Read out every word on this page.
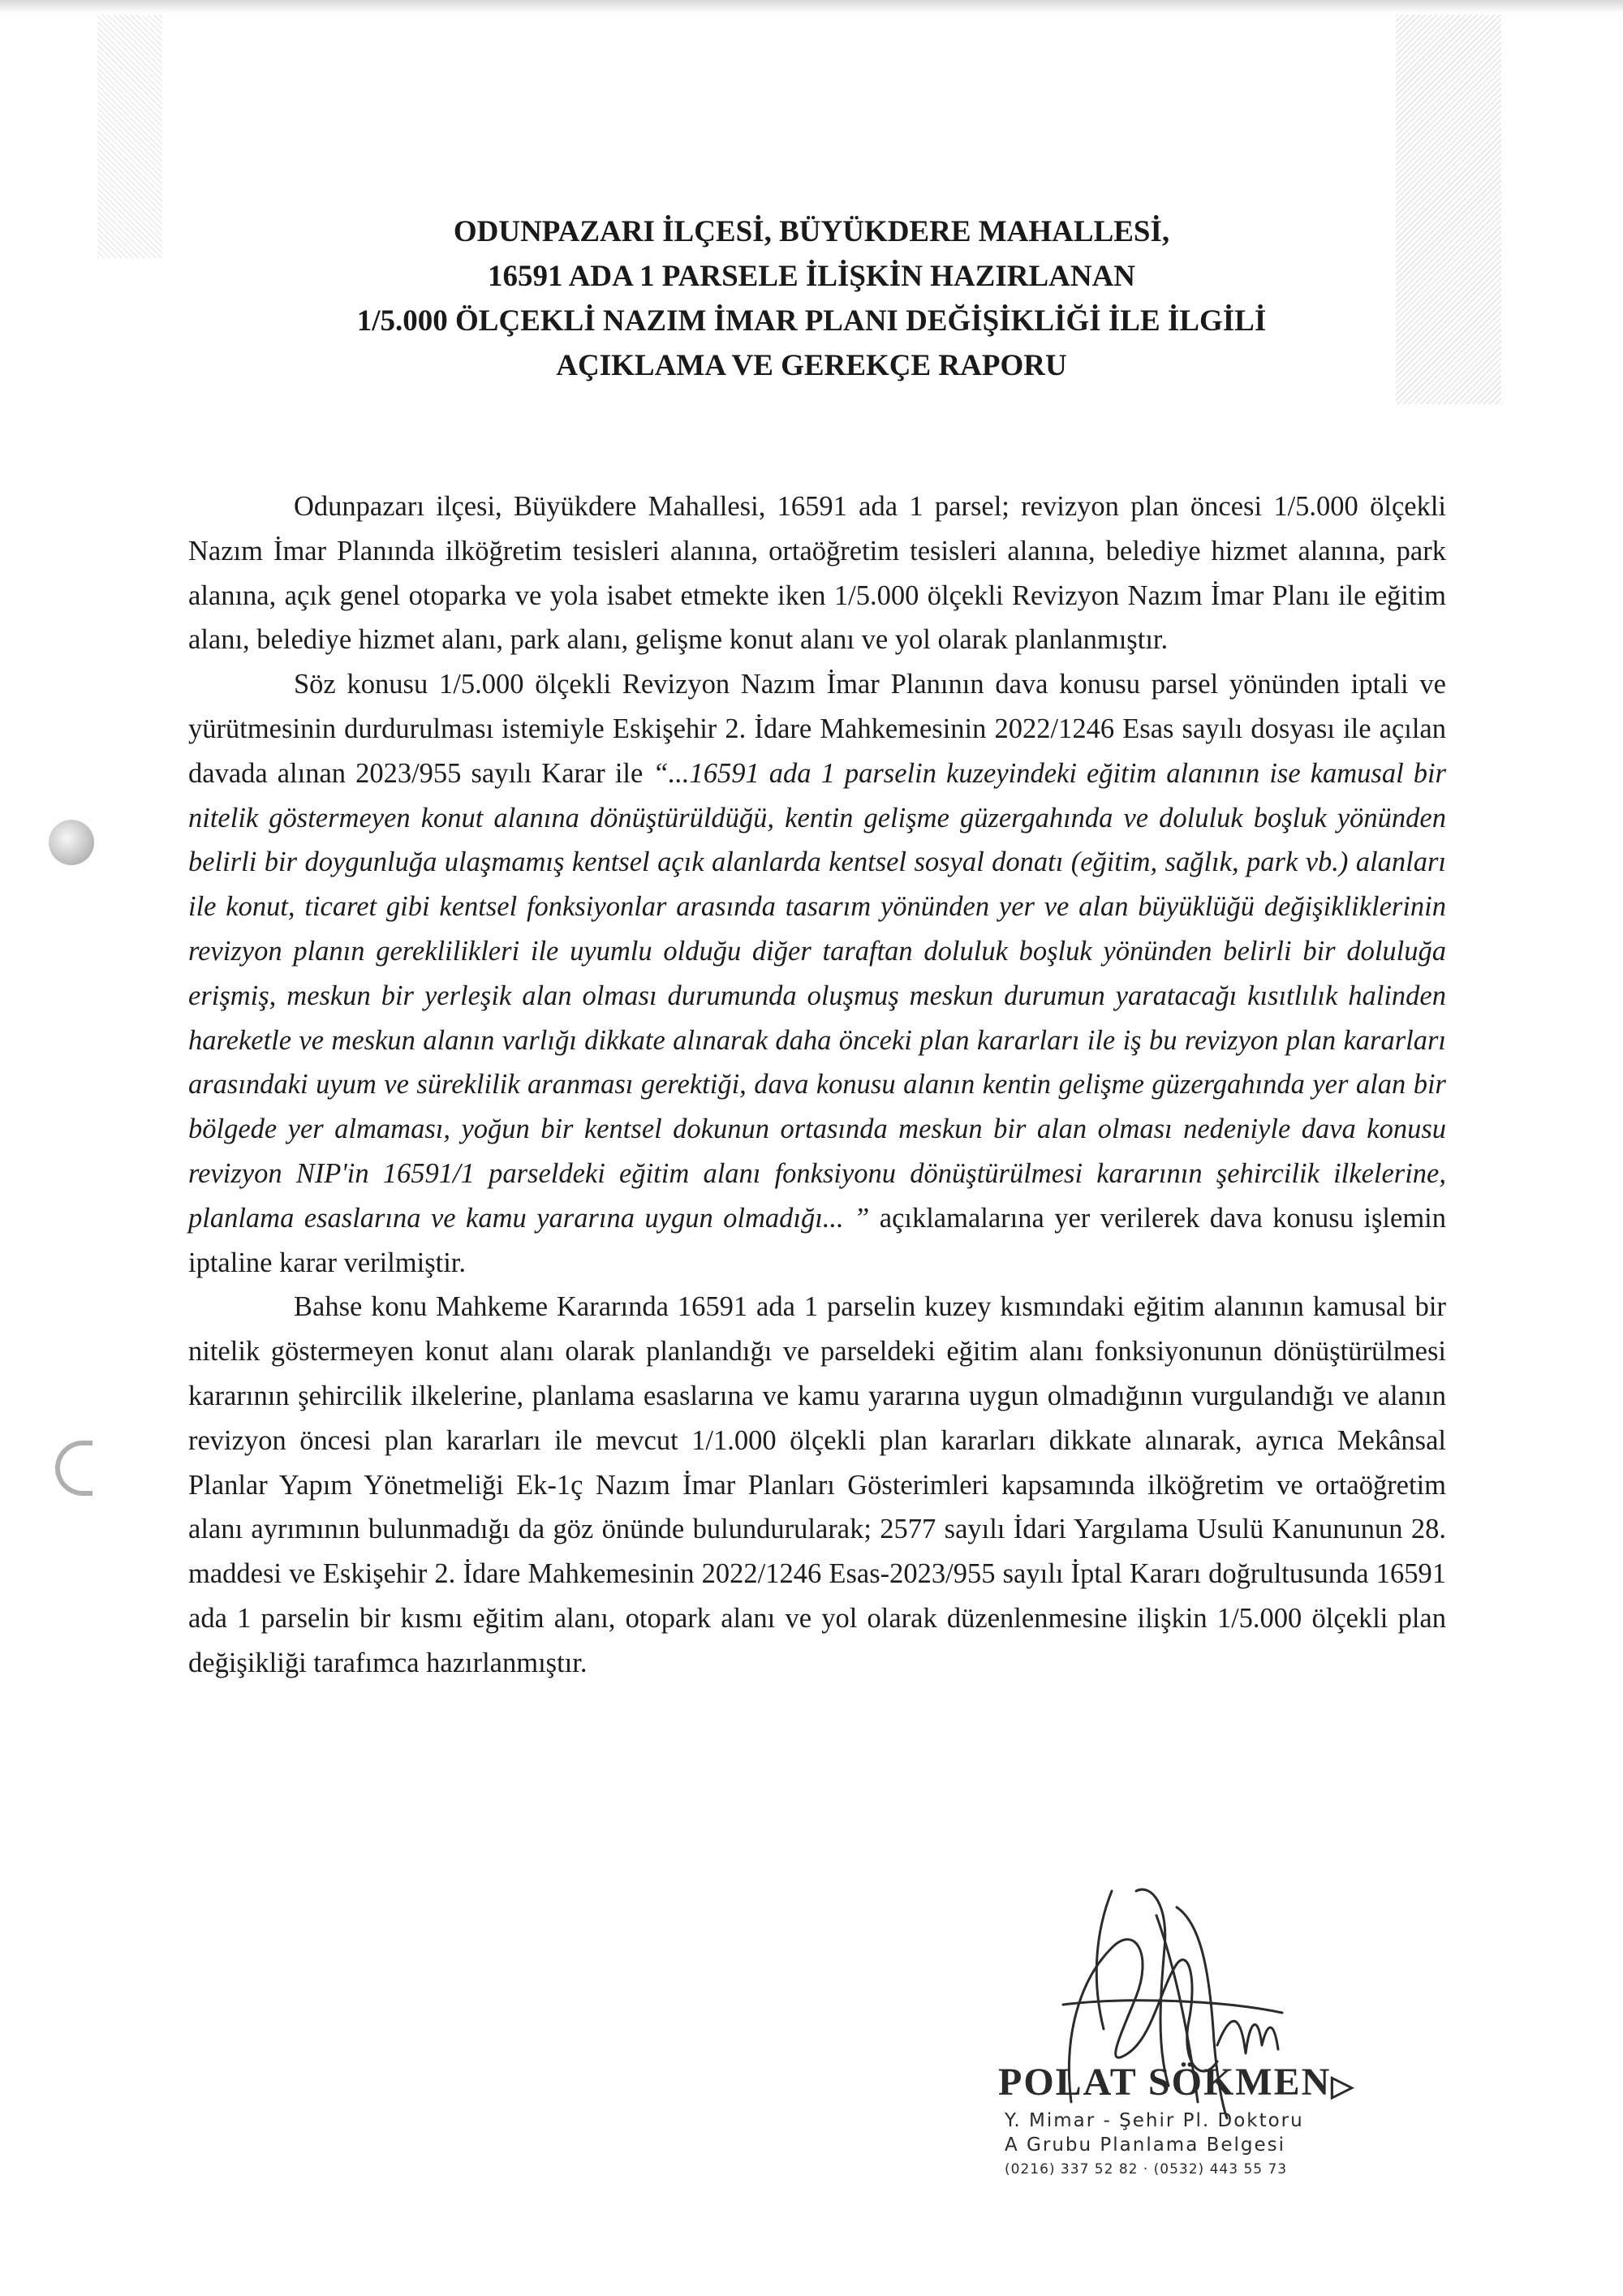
ODUNPAZARI İLÇESİ, BÜYÜKDERE MAHALLESİ,
16591 ADA 1 PARSELE İLİŞKİN HAZIRLANAN
1/5.000 ÖLÇEKLİ NAZIM İMAR PLANI DEĞİŞİKLİĞİ İLE İLGİLİ
AÇIKLAMA VE GEREKÇE RAPORU

Odunpazarı ilçesi, Büyükdere Mahallesi, 16591 ada 1 parsel; revizyon plan öncesi 1/5.000 ölçekli Nazım İmar Planında ilköğretim tesisleri alanına, ortaöğretim tesisleri alanına, belediye hizmet alanına, park alanına, açık genel otoparka ve yola isabet etmekte iken 1/5.000 ölçekli Revizyon Nazım İmar Planı ile eğitim alanı, belediye hizmet alanı, park alanı, gelişme konut alanı ve yol olarak planlanmıştır.

Söz konusu 1/5.000 ölçekli Revizyon Nazım İmar Planının dava konusu parsel yönünden iptali ve yürütmesinin durdurulması istemiyle Eskişehir 2. İdare Mahkemesinin 2022/1246 Esas sayılı dosyası ile açılan davada alınan 2023/955 sayılı Karar ile “...16591 ada 1 parselin kuzeyindeki eğitim alanının ise kamusal bir nitelik göstermeyen konut alanına dönüştürüldüğü, kentin gelişme güzergahında ve doluluk boşluk yönünden belirli bir doygunluğa ulaşmamış kentsel açık alanlarda kentsel sosyal donatı (eğitim, sağlık, park vb.) alanları ile konut, ticaret gibi kentsel fonksiyonlar arasında tasarım yönünden yer ve alan büyüklüğü değişikliklerinin revizyon planın gereklilikleri ile uyumlu olduğu diğer taraftan doluluk boşluk yönünden belirli bir doluluğa erişmiş, meskun bir yerleşik alan olması durumunda oluşmuş meskun durumun yaratacağı kısıtlılık halinden hareketle ve meskun alanın varlığı dikkate alınarak daha önceki plan kararları ile iş bu revizyon plan kararları arasındaki uyum ve süreklilik aranması gerektiği, dava konusu alanın kentin gelişme güzergahında yer alan bir bölgede yer almaması, yoğun bir kentsel dokunun ortasında meskun bir alan olması nedeniyle dava konusu revizyon NIP'in 16591/1 parseldeki eğitim alanı fonksiyonu dönüştürülmesi kararının şehircilik ilkelerine, planlama esaslarına ve kamu yararına uygun olmadığı... ” açıklamalarına yer verilerek dava konusu işlemin iptaline karar verilmiştir.

Bahse konu Mahkeme Kararında 16591 ada 1 parselin kuzey kısmındaki eğitim alanının kamusal bir nitelik göstermeyen konut alanı olarak planlandığı ve parseldeki eğitim alanı fonksiyonunun dönüştürülmesi kararının şehircilik ilkelerine, planlama esaslarına ve kamu yararına uygun olmadığının vurgulandığı ve alanın revizyon öncesi plan kararları ile mevcut 1/1.000 ölçekli plan kararları dikkate alınarak, ayrıca Mekânsal Planlar Yapım Yönetmeliği Ek-1ç Nazım İmar Planları Gösterimleri kapsamında ilköğretim ve ortaöğretim alanı ayrımının bulunmadığı da göz önünde bulundurularak; 2577 sayılı İdari Yargılama Usulü Kanununun 28. maddesi ve Eskişehir 2. İdare Mahkemesinin 2022/1246 Esas-2023/955 sayılı İptal Kararı doğrultusunda 16591 ada 1 parselin bir kısmı eğitim alanı, otopark alanı ve yol olarak düzenlenmesine ilişkin 1/5.000 ölçekli plan değişikliği tarafımca hazırlanmıştır.

POLAT SÖKMEN▷
Y. Mimar - Şehir Pl. Doktoru
A Grubu Planlama Belgesi
(0216) 337 52 82 · (0532) 443 55 73
